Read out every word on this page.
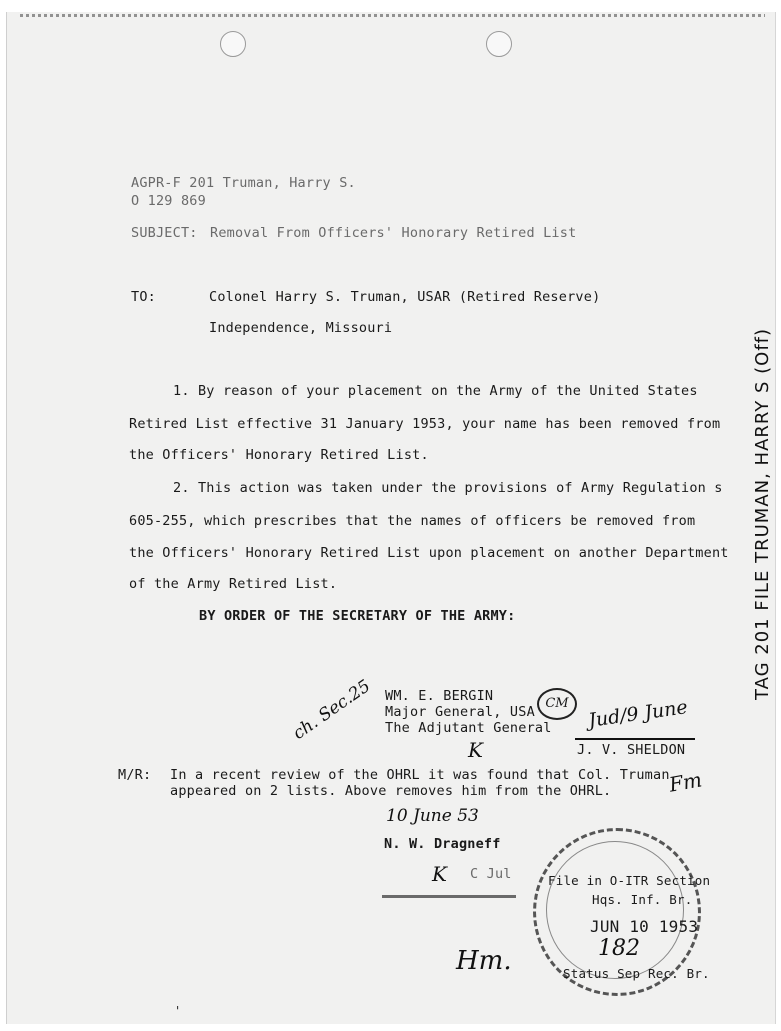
AGPR-F 201 Truman, Harry S.
O 129 869
SUBJECT: Removal From Officers' Honorary Retired List
TO:	Colonel Harry S. Truman, USAR (Retired Reserve)
Independence, Missouri
1. By reason of your placement on the Army of the United States
Retired List effective 31 January 1953, your name has been removed from
the Officers' Honorary Retired List.
2. This action was taken under the provisions of Army Regulation s
605-255, which prescribes that the names of officers be removed from
the Officers' Honorary Retired List upon placement on another Department
of the Army Retired List.
BY ORDER OF THE SECRETARY OF THE ARMY:
WM. E. BERGIN
Major General, USA
The Adjutant General
CM
J. V. SHELDON
ch. Sec.25	Jud/9 June
K
Fm
M/R: In a recent review of the OHRL it was found that Col. Truman
appeared on 2 lists. Above removes him from the OHRL.
10 June 53
N. W. Dragneff
C Jul
K
Hm.
'
TAG 201 FILE TRUMAN, HARRY S (Off)
File in O-ITR Section
Hqs. Inf. Br.
JUN 10 1953
182
Status Sep Rec. Br.
